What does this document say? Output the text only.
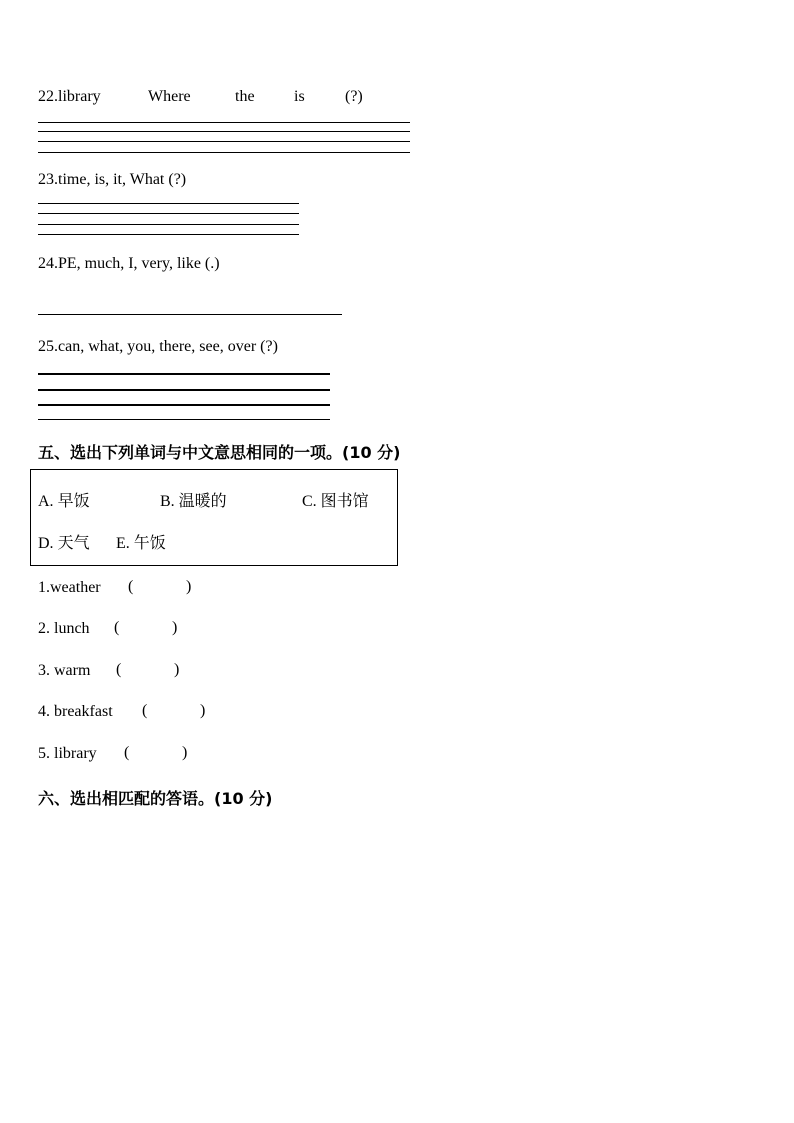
22.library	Where	the is	(?)
23.time, is, it, What (?)
24.PE, much, I, very, like (.)
25.can, what, you, there, see, over (?)
五、选出下列单词与中文意思相同的一项。(10 分)
A. 早饭	B. 温暖的	C. 图书馆
D. 天气 E. 午饭
1.weather (	)
2. lunch (	)
3. warm (	)
4. breakfast (	)
5. library (	)
六、选出相匹配的答语。(10 分)
